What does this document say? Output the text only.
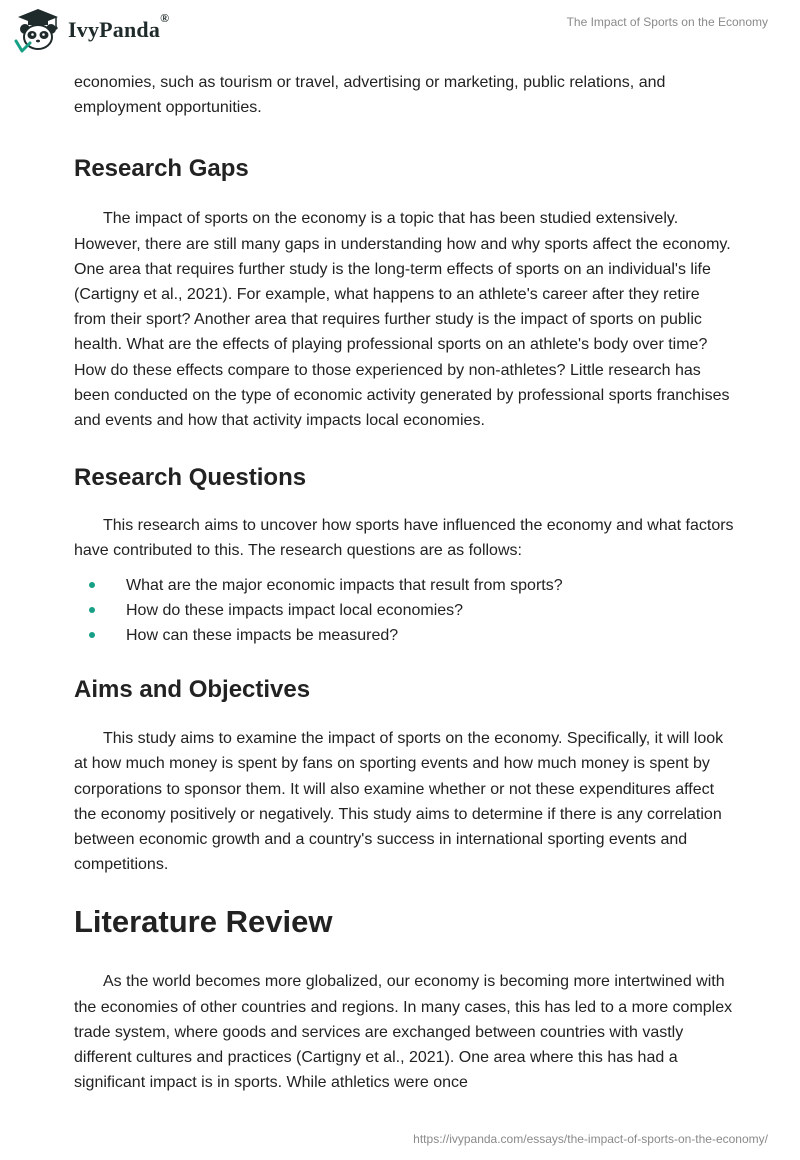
IvyPanda®	The Impact of Sports on the Economy

economies, such as tourism or travel, advertising or marketing, public relations, and employment opportunities.

Research Gaps

The impact of sports on the economy is a topic that has been studied extensively. However, there are still many gaps in understanding how and why sports affect the economy. One area that requires further study is the long-term effects of sports on an individual's life (Cartigny et al., 2021). For example, what happens to an athlete's career after they retire from their sport? Another area that requires further study is the impact of sports on public health. What are the effects of playing professional sports on an athlete's body over time? How do these effects compare to those experienced by non-athletes? Little research has been conducted on the type of economic activity generated by professional sports franchises and events and how that activity impacts local economies.

Research Questions

This research aims to uncover how sports have influenced the economy and what factors have contributed to this. The research questions are as follows:

What are the major economic impacts that result from sports?
How do these impacts impact local economies?
How can these impacts be measured?
Aims and Objectives

This study aims to examine the impact of sports on the economy. Specifically, it will look at how much money is spent by fans on sporting events and how much money is spent by corporations to sponsor them. It will also examine whether or not these expenditures affect the economy positively or negatively. This study aims to determine if there is any correlation between economic growth and a country's success in international sporting events and competitions.

Literature Review

As the world becomes more globalized, our economy is becoming more intertwined with the economies of other countries and regions. In many cases, this has led to a more complex trade system, where goods and services are exchanged between countries with vastly different cultures and practices (Cartigny et al., 2021). One area where this has had a significant impact is in sports. While athletics were once

https://ivypanda.com/essays/the-impact-of-sports-on-the-economy/
